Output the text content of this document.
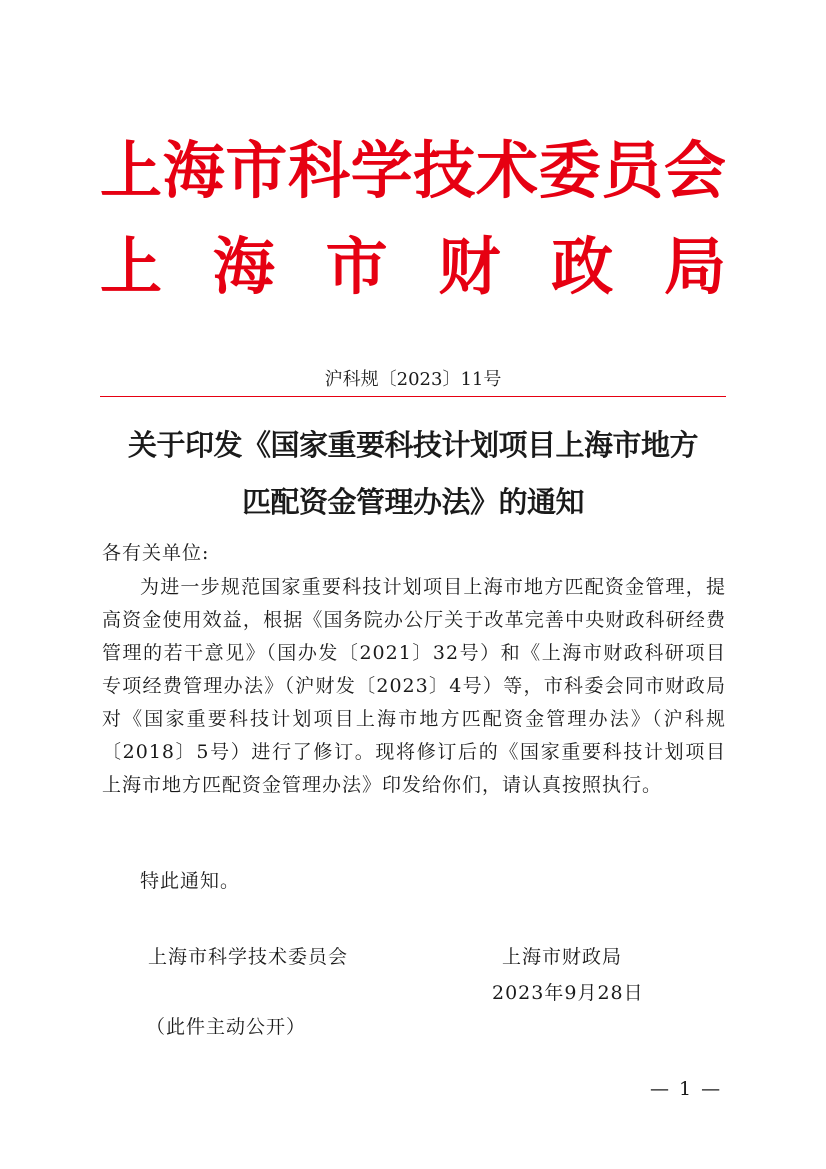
上 海 市 科 学 技 术 委 员 会
上 海 市 财 政 局
沪科规〔2023〕11号
关于印发《国家重要科技计划项目上海市地方
匹配资金管理办法》的通知
各有关单位:
为进一步规范国家重要科技计划项目上海市地方匹配资金管理，提高资金使用效益，根据《国务院办公厅关于改革完善中央财政科研经费管理的若干意见》（国办发〔2021〕32号）和《上海市财政科研项目专项经费管理办法》（沪财发〔2023〕4号）等，市科委会同市财政局对《国家重要科技计划项目上海市地方匹配资金管理办法》（沪科规〔2018〕5号）进行了修订。现将修订后的《国家重要科技计划项目上海市地方匹配资金管理办法》印发给你们，请认真按照执行。
特此通知。
上海市科学技术委员会	上海市财政局
2023年9月28日
（此件主动公开）
— 1 —
